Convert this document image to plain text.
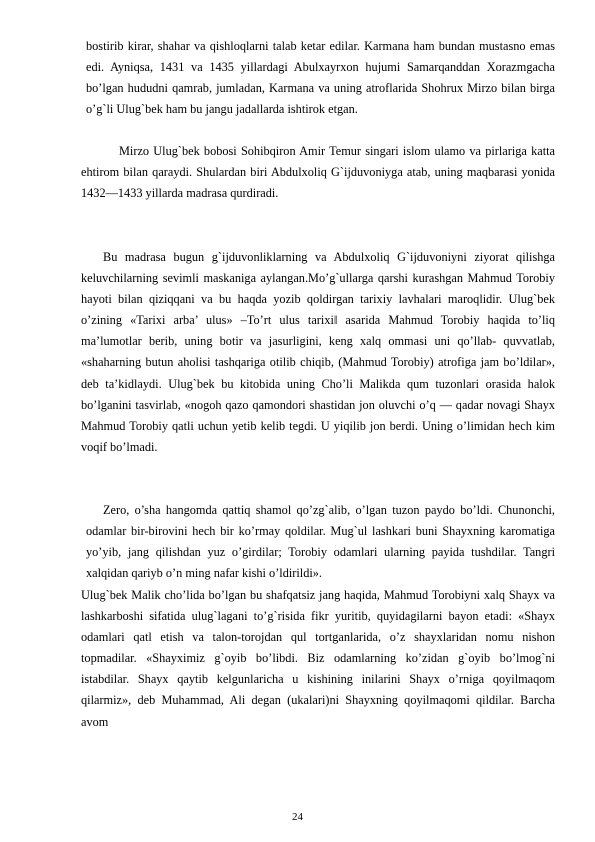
bostirib kirar, shahar va qishloqlarni talab ketar edilar. Karmana ham bundan mustasno emas edi. Ayniqsa, 1431 va 1435 yillardagi Abulxayrxon hujumi Samarqanddan Xorazmgacha bo’lgan hududni qamrab, jumladan, Karmana va uning atroflarida Shohrux Mirzo bilan birga o’g`li Ulug`bek ham bu jangu jadallarda ishtirok etgan.

Mirzo Ulug`bek bobosi Sohibqiron Amir Temur singari islom ulamo va pirlariga katta ehtirom bilan qaraydi. Shulardan biri Abdulxoliq G`ijduvoniyga atab, uning maqbarasi yonida 1432—1433 yillarda madrasa qurdiradi.

Bu madrasa bugun g`ijduvonliklarning va Abdulxoliq G`ijduvoniyni ziyorat qilishga keluvchilarning sevimli maskaniga aylangan.Mo’g`ullarga qarshi kurashgan Mahmud Torobiy hayoti bilan qiziqqani va bu haqda yozib qoldirgan tarixiy lavhalari maroqlidir. Ulug`bek o’zining «Tarixi arba’ ulus» –To’rt ulus tarixi‖ asarida Mahmud Torobiy haqida to’liq ma’lumotlar berib, uning botir va jasurligini, keng xalq ommasi uni qo’llab- quvvatlab, «shaharning butun aholisi tashqariga otilib chiqib, (Mahmud Torobiy) atrofiga jam bo’ldilar», deb ta’kidlaydi. Ulug`bek bu kitobida uning Cho’li Malikda qum tuzonlari orasida halok bo’lganini tasvirlab, «nogoh qazo qamondori shastidan jon oluvchi o’q — qadar novagi Shayx Mahmud Torobiy qatli uchun yetib kelib tegdi. U yiqilib jon berdi. Uning o’limidan hech kim voqif bo’lmadi.

Zero, o’sha hangomda qattiq shamol qo’zg`alib, o’lgan tuzon paydo bo’ldi. Chunonchi, odamlar bir-birovini hech bir ko’rmay qoldilar. Mug`ul lashkari buni Shayxning karomatiga yo’yib, jang qilishdan yuz o’girdilar; Torobiy odamlari ularning payida tushdilar. Tangri xalqidan qariyb o’n ming nafar kishi o’ldirildi».

Ulug`bek Malik cho’lida bo’lgan bu shafqatsiz jang haqida, Mahmud Torobiyni xalq Shayx va lashkarboshi sifatida ulug`lagani to’g`risida fikr yuritib, quyidagilarni bayon etadi: «Shayx odamlari qatl etish va talon-torojdan qul tortganlarida, o’z shayxlaridan nomu nishon topmadilar. «Shayximiz g`oyib bo’libdi. Biz odamlarning ko’zidan g`oyib bo’lmog`ni istabdilar. Shayx qaytib kelgunlaricha u kishining inilarini Shayx o’rniga qoyilmaqom qilarmiz», deb Muhammad, Ali degan (ukalari)ni Shayxning qoyilmaqomi qildilar. Barcha avom

24
